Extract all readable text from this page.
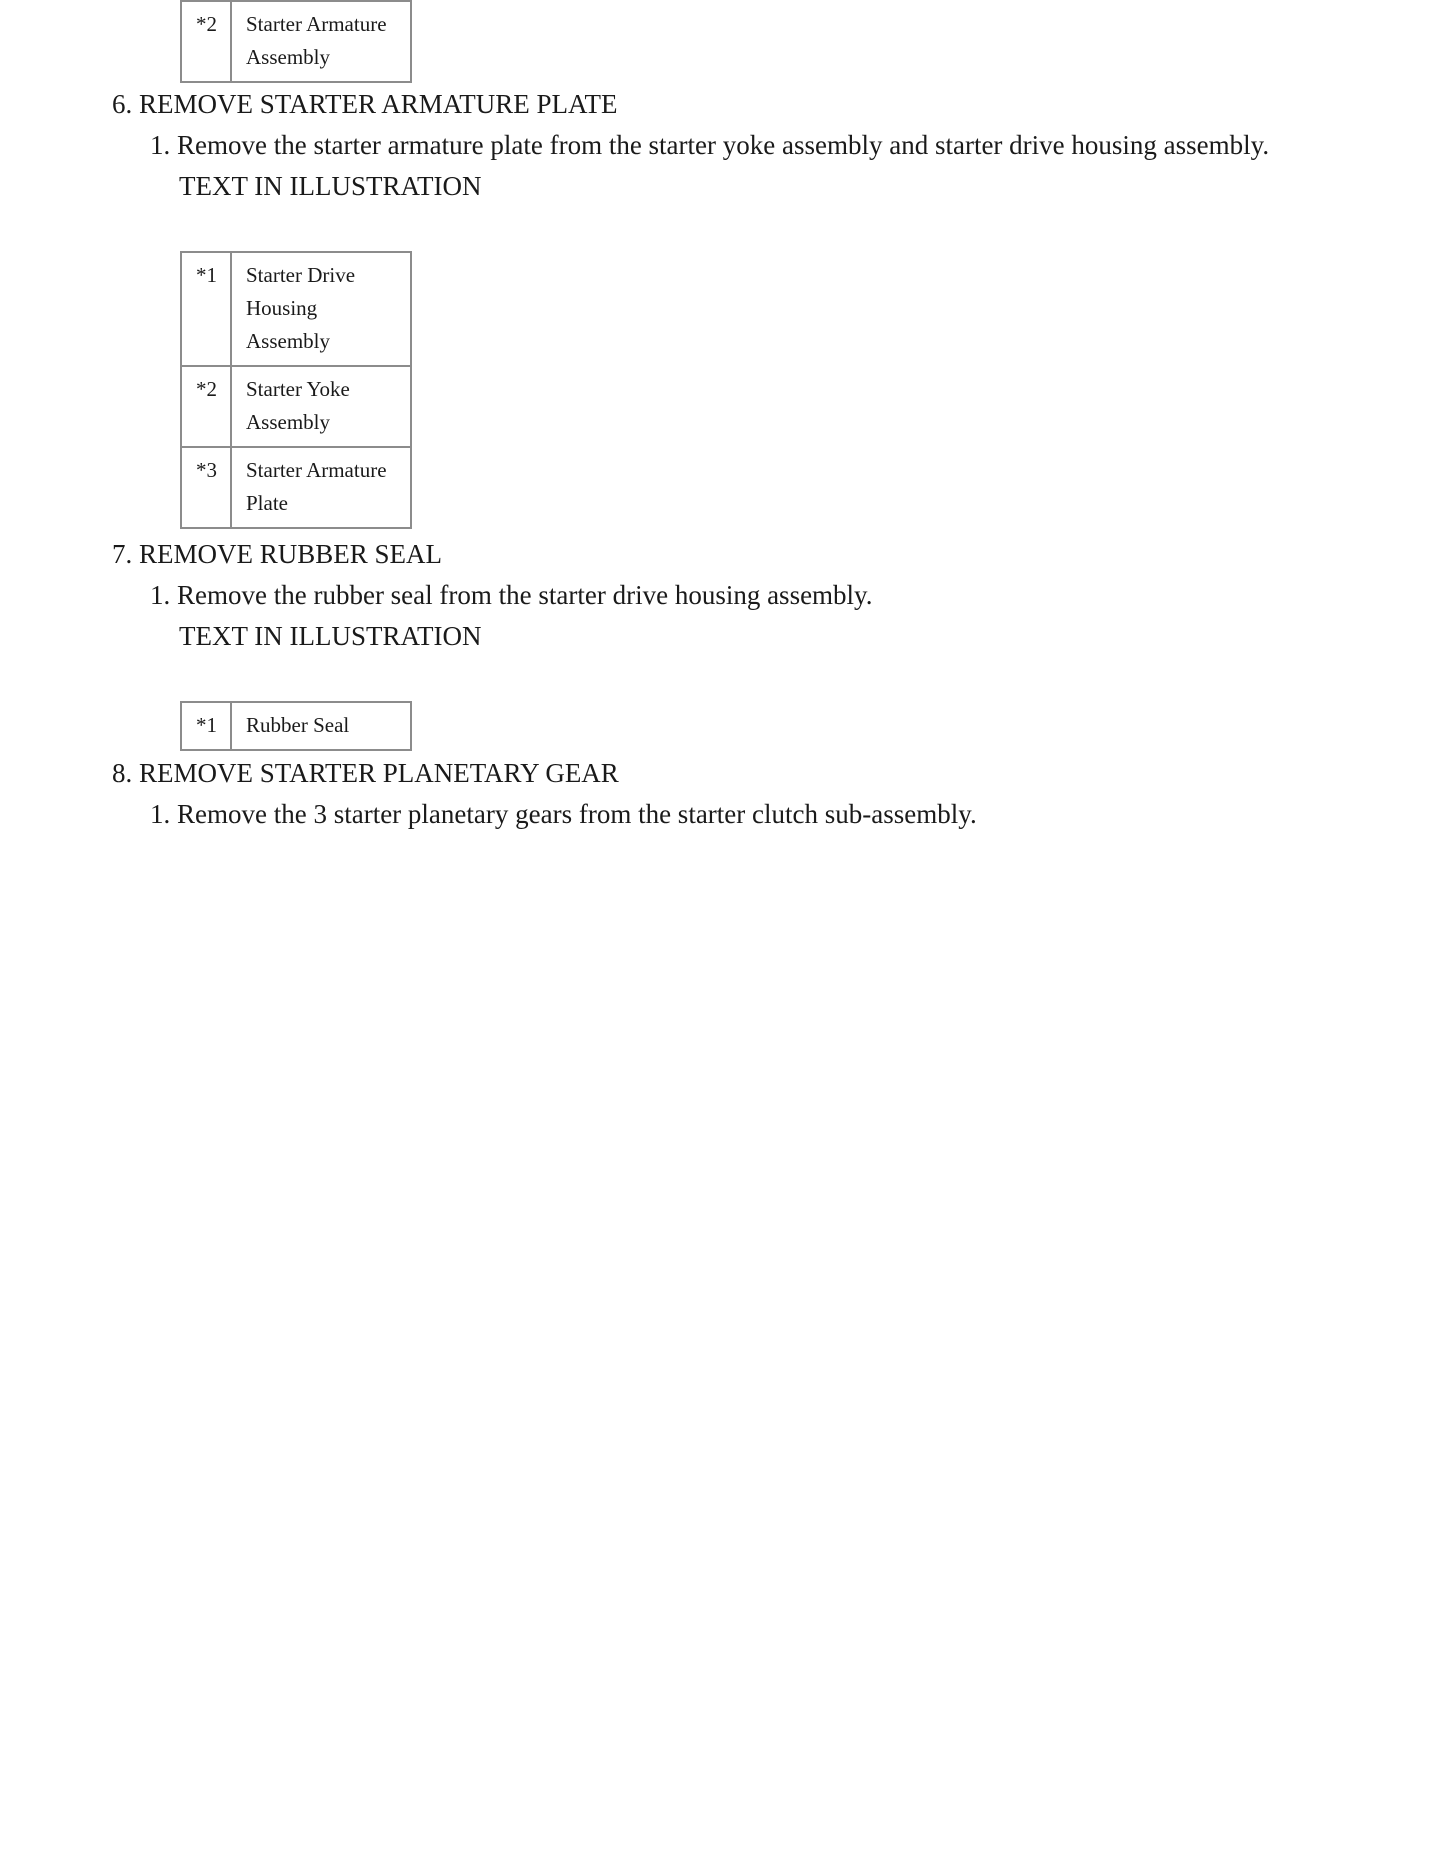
*2	Starter Armature Assembly
6. REMOVE STARTER ARMATURE PLATE
1. Remove the starter armature plate from the starter yoke assembly and starter drive housing assembly.
TEXT IN ILLUSTRATION
*1	Starter Drive Housing Assembly
*2	Starter Yoke Assembly
*3	Starter Armature Plate
7. REMOVE RUBBER SEAL
1. Remove the rubber seal from the starter drive housing assembly.
TEXT IN ILLUSTRATION
*1	Rubber Seal
8. REMOVE STARTER PLANETARY GEAR
1. Remove the 3 starter planetary gears from the starter clutch sub-assembly.
